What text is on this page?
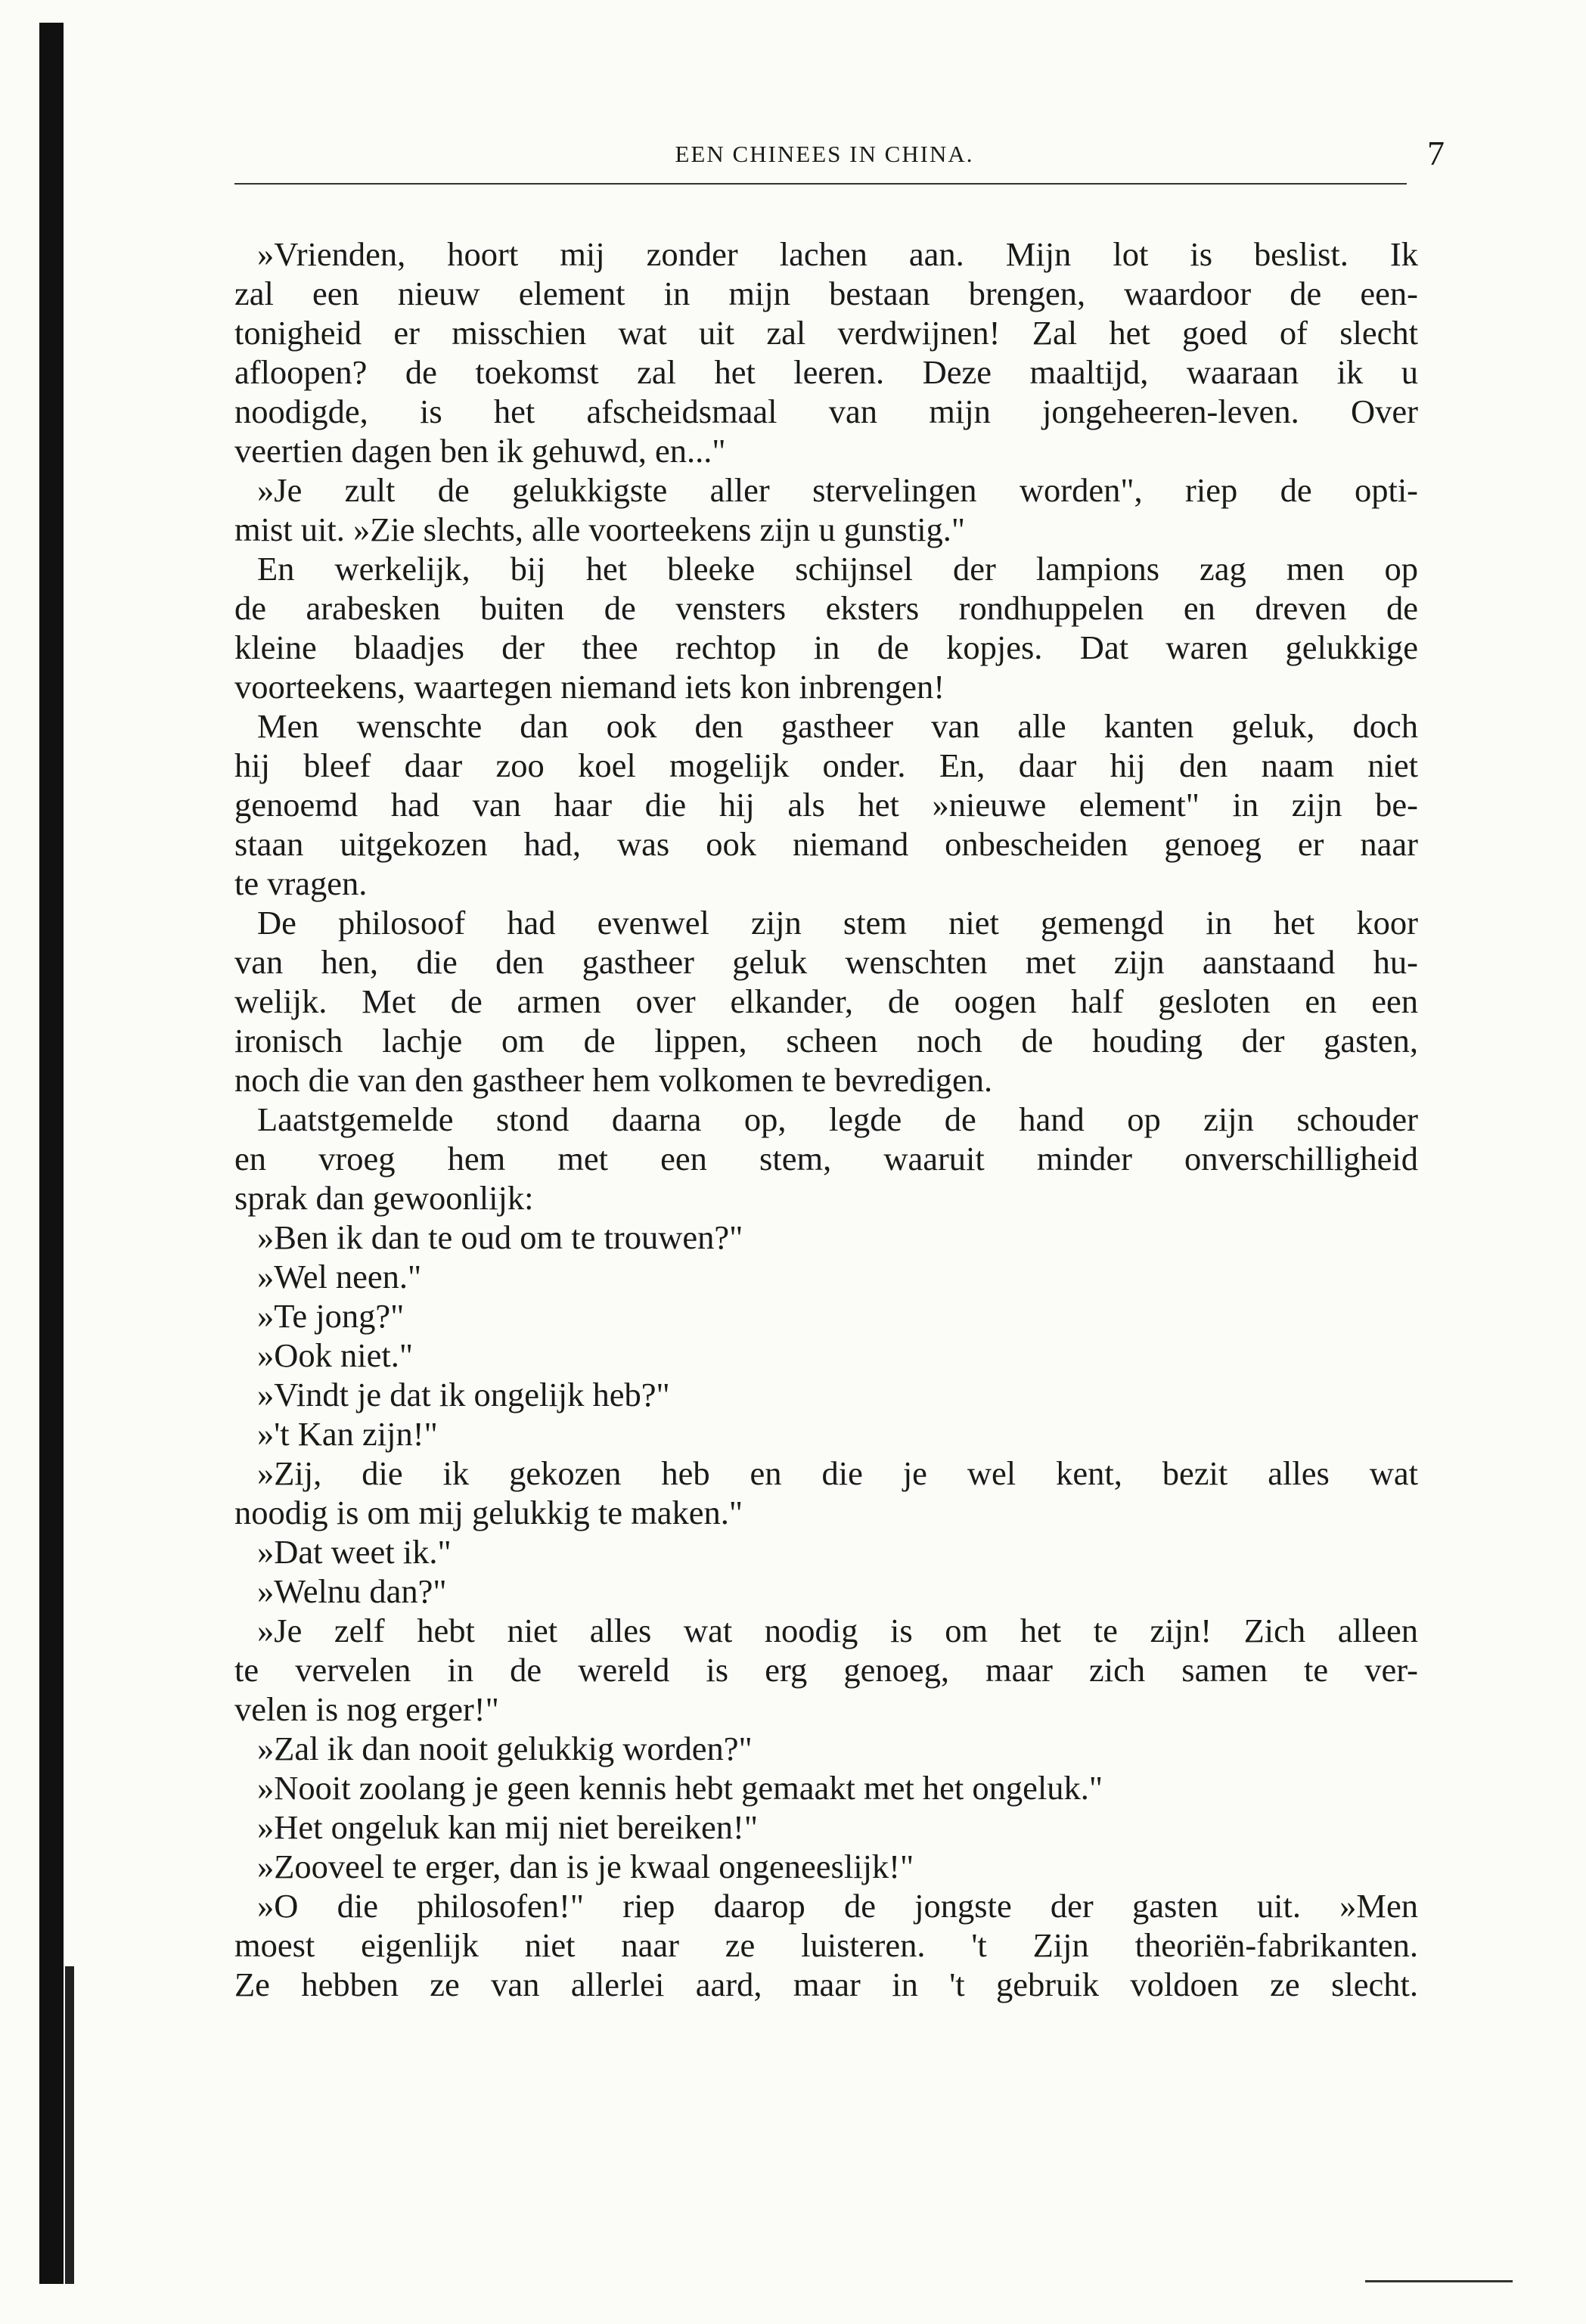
EEN CHINEES IN CHINA.	7
»Vrienden, hoort mij zonder lachen aan. Mijn lot is beslist. Ik
zal een nieuw element in mijn bestaan brengen, waardoor de een-
tonigheid er misschien wat uit zal verdwijnen! Zal het goed of slecht
afloopen? de toekomst zal het leeren. Deze maaltijd, waaraan ik u
noodigde, is het afscheidsmaal van mijn jongeheeren-leven. Over
veertien dagen ben ik gehuwd, en..."
»Je zult de gelukkigste aller stervelingen worden", riep de opti-
mist uit. »Zie slechts, alle voorteekens zijn u gunstig."
En werkelijk, bij het bleeke schijnsel der lampions zag men op
de arabesken buiten de vensters eksters rondhuppelen en dreven de
kleine blaadjes der thee rechtop in de kopjes. Dat waren gelukkige
voorteekens, waartegen niemand iets kon inbrengen!
Men wenschte dan ook den gastheer van alle kanten geluk, doch
hij bleef daar zoo koel mogelijk onder. En, daar hij den naam niet
genoemd had van haar die hij als het »nieuwe element" in zijn be-
staan uitgekozen had, was ook niemand onbescheiden genoeg er naar
te vragen.
De philosoof had evenwel zijn stem niet gemengd in het koor
van hen, die den gastheer geluk wenschten met zijn aanstaand hu-
welijk. Met de armen over elkander, de oogen half gesloten en een
ironisch lachje om de lippen, scheen noch de houding der gasten,
noch die van den gastheer hem volkomen te bevredigen.
Laatstgemelde stond daarna op, legde de hand op zijn schouder
en vroeg hem met een stem, waaruit minder onverschilligheid
sprak dan gewoonlijk:
»Ben ik dan te oud om te trouwen?"
»Wel neen."
»Te jong?"
»Ook niet."
»Vindt je dat ik ongelijk heb?"
»'t Kan zijn!"
»Zij, die ik gekozen heb en die je wel kent, bezit alles wat
noodig is om mij gelukkig te maken."
»Dat weet ik."
»Welnu dan?"
»Je zelf hebt niet alles wat noodig is om het te zijn! Zich alleen
te vervelen in de wereld is erg genoeg, maar zich samen te ver-
velen is nog erger!"
»Zal ik dan nooit gelukkig worden?"
»Nooit zoolang je geen kennis hebt gemaakt met het ongeluk."
»Het ongeluk kan mij niet bereiken!"
»Zooveel te erger, dan is je kwaal ongeneeslijk!"
»O die philosofen!" riep daarop de jongste der gasten uit. »Men
moest eigenlijk niet naar ze luisteren. 't Zijn theoriën-fabrikanten.
Ze hebben ze van allerlei aard, maar in 't gebruik voldoen ze slecht.
